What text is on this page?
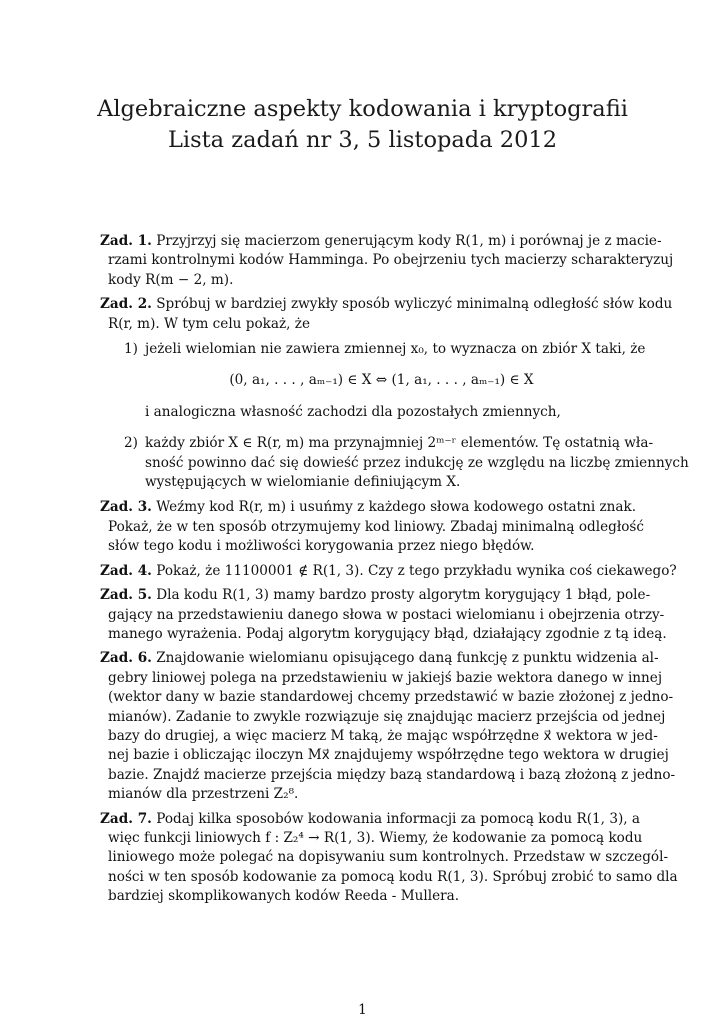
Algebraiczne aspekty kodowania i kryptografii
Lista zadań nr 3, 5 listopada 2012
Zad. 1. Przyjrzyj się macierzom generującym kody R(1, m) i porównaj je z macie-
rzami kontrolnymi kodów Hamminga. Po obejrzeniu tych macierzy scharakteryzuj
kody R(m − 2, m).
Zad. 2. Spróbuj w bardziej zwykły sposób wyliczyć minimalną odległość słów kodu
R(r, m). W tym celu pokaż, że
1) jeżeli wielomian nie zawiera zmiennej x₀, to wyznacza on zbiór X taki, że
(0, a₁, . . . , aₘ₋₁) ∈ X ⇔ (1, a₁, . . . , aₘ₋₁) ∈ X
i analogiczna własność zachodzi dla pozostałych zmiennych,
2) każdy zbiór X ∈ R(r, m) ma przynajmniej 2ᵐ⁻ʳ elementów. Tę ostatnią wła-
sność powinno dać się dowieść przez indukcję ze względu na liczbę zmiennych
występujących w wielomianie definiującym X.
Zad. 3. Weźmy kod R(r, m) i usuńmy z każdego słowa kodowego ostatni znak.
Pokaż, że w ten sposób otrzymujemy kod liniowy. Zbadaj minimalną odległość
słów tego kodu i możliwości korygowania przez niego błędów.
Zad. 4. Pokaż, że 11100001 ∉ R(1, 3). Czy z tego przykładu wynika coś ciekawego?
Zad. 5. Dla kodu R(1, 3) mamy bardzo prosty algorytm korygujący 1 błąd, pole-
gający na przedstawieniu danego słowa w postaci wielomianu i obejrzenia otrzy-
manego wyrażenia. Podaj algorytm korygujący błąd, działający zgodnie z tą ideą.
Zad. 6. Znajdowanie wielomianu opisującego daną funkcję z punktu widzenia al-
gebry liniowej polega na przedstawieniu w jakiejś bazie wektora danego w innej
(wektor dany w bazie standardowej chcemy przedstawić w bazie złożonej z jedno-
mianów). Zadanie to zwykle rozwiązuje się znajdując macierz przejścia od jednej
bazy do drugiej, a więc macierz M taką, że mając współrzędne x⃗ wektora w jed-
nej bazie i obliczając iloczyn Mx⃗ znajdujemy współrzędne tego wektora w drugiej
bazie. Znajdź macierze przejścia między bazą standardową i bazą złożoną z jedno-
mianów dla przestrzeni Z₂⁸.
Zad. 7. Podaj kilka sposobów kodowania informacji za pomocą kodu R(1, 3), a
więc funkcji liniowych f : Z₂⁴ → R(1, 3). Wiemy, że kodowanie za pomocą kodu
liniowego może polegać na dopisywaniu sum kontrolnych. Przedstaw w szczegól-
ności w ten sposób kodowanie za pomocą kodu R(1, 3). Spróbuj zrobić to samo dla
bardziej skomplikowanych kodów Reeda - Mullera.
1
